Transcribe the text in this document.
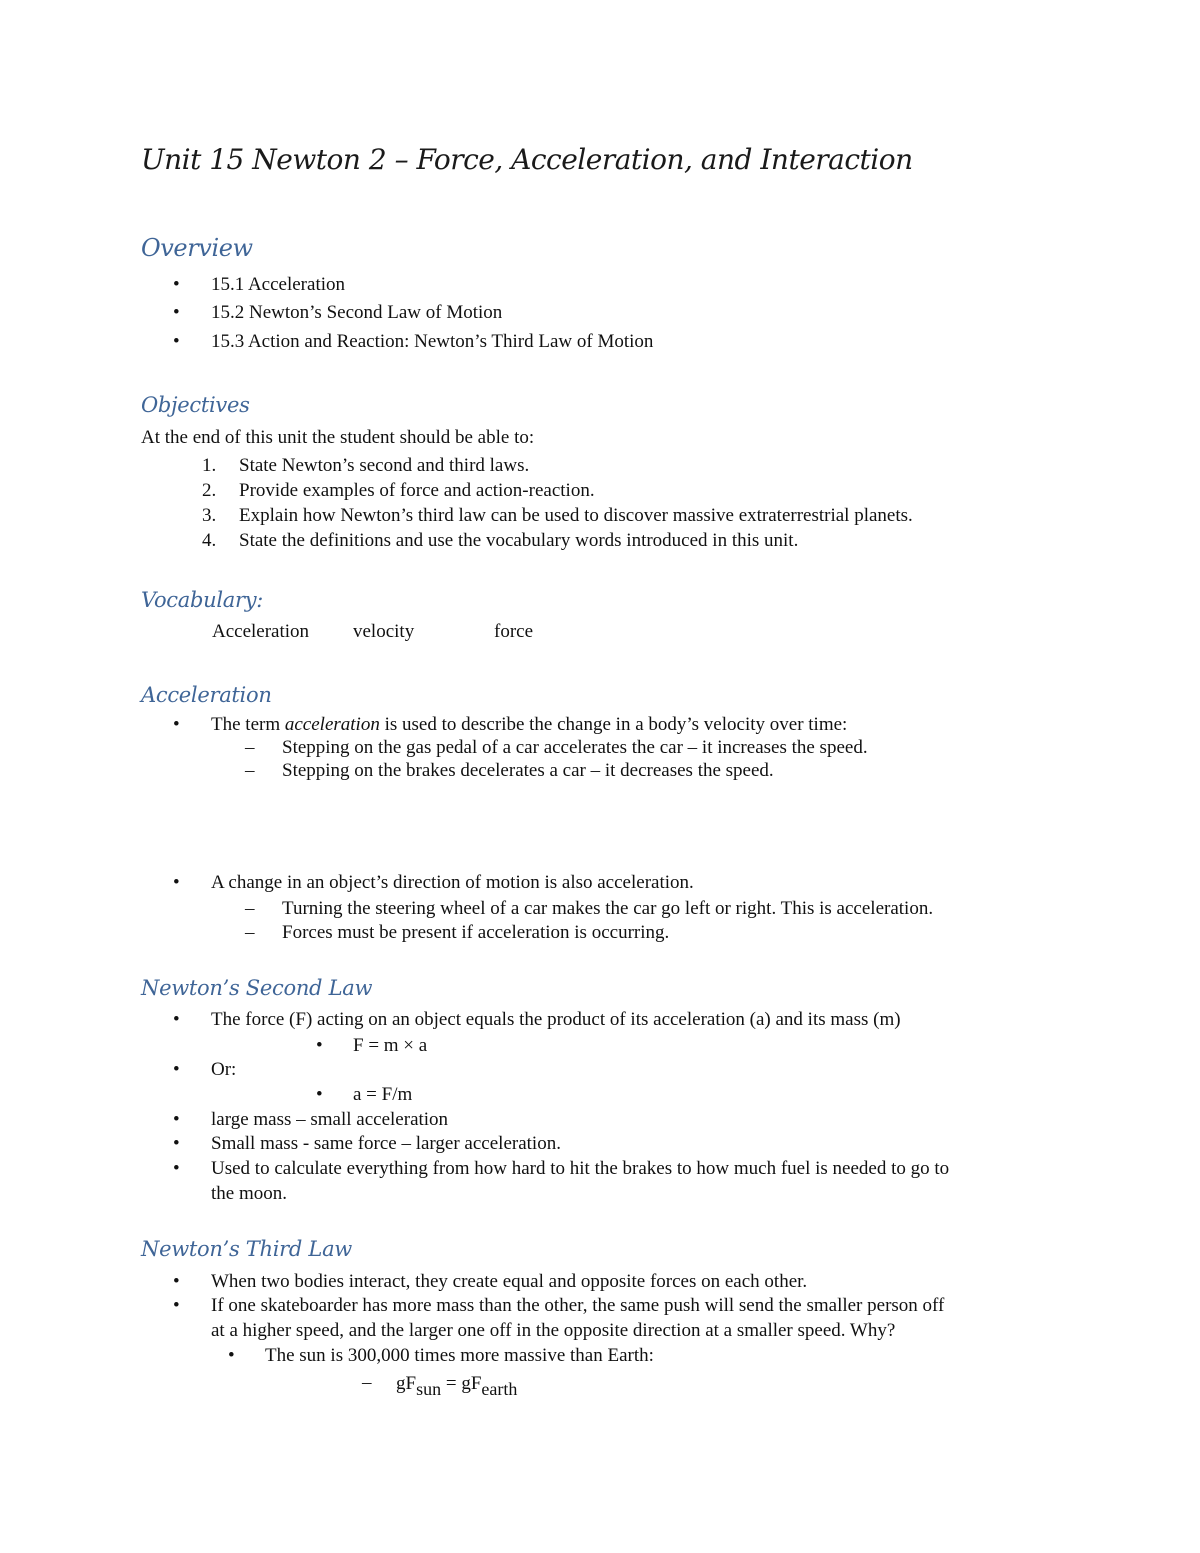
Unit 15 Newton 2 – Force, Acceleration, and Interaction
Overview
• 15.1 Acceleration
• 15.2 Newton’s Second Law of Motion
• 15.3 Action and Reaction: Newton’s Third Law of Motion
Objectives
At the end of this unit the student should be able to:
1. State Newton’s second and third laws.
2. Provide examples of force and action-reaction.
3. Explain how Newton’s third law can be used to discover massive extraterrestrial planets.
4. State the definitions and use the vocabulary words introduced in this unit.
Vocabulary:
Acceleration velocity	force
Acceleration
• The term acceleration is used to describe the change in a body’s velocity over time:
– Stepping on the gas pedal of a car accelerates the car – it increases the speed.
– Stepping on the brakes decelerates a car – it decreases the speed.
• A change in an object’s direction of motion is also acceleration.
– Turning the steering wheel of a car makes the car go left or right. This is acceleration.
– Forces must be present if acceleration is occurring.
Newton’s Second Law
• The force (F) acting on an object equals the product of its acceleration (a) and its mass (m)
• F = m × a
• Or:
• a = F/m
• large mass – small acceleration
• Small mass - same force – larger acceleration.
• Used to calculate everything from how hard to hit the brakes to how much fuel is needed to go to
the moon.
Newton’s Third Law
• When two bodies interact, they create equal and opposite forces on each other.
• If one skateboarder has more mass than the other, the same push will send the smaller person off
at a higher speed, and the larger one off in the opposite direction at a smaller speed. Why?
• The sun is 300,000 times more massive than Earth:
– gFsun = gFearth
